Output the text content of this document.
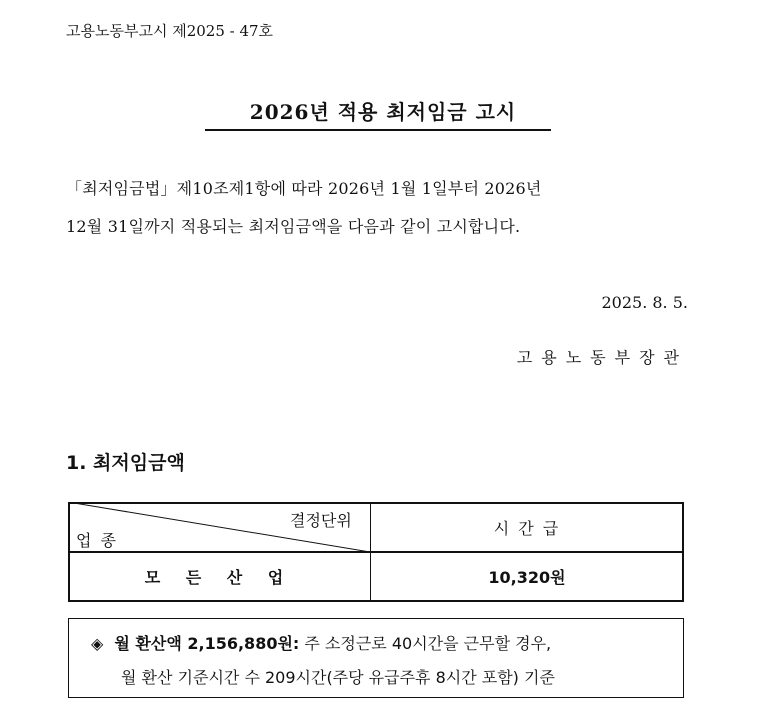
고용노동부고시 제2025 - 47호
2026년 적용 최저임금 고시
「최저임금법」제10조제1항에 따라 2026년 1월 1일부터 2026년
12월 31일까지 적용되는 최저임금액을 다음과 같이 고시합니다.
2025. 8. 5.
고용노동부장관
1. 최저임금액
결정단위
업 종
시 간 급
모 든 산 업	10,320원
◈ 월 환산액 2,156,880원: 주 소정근로 40시간을 근무할 경우,
월 환산 기준시간 수 209시간(주당 유급주휴 8시간 포함) 기준
